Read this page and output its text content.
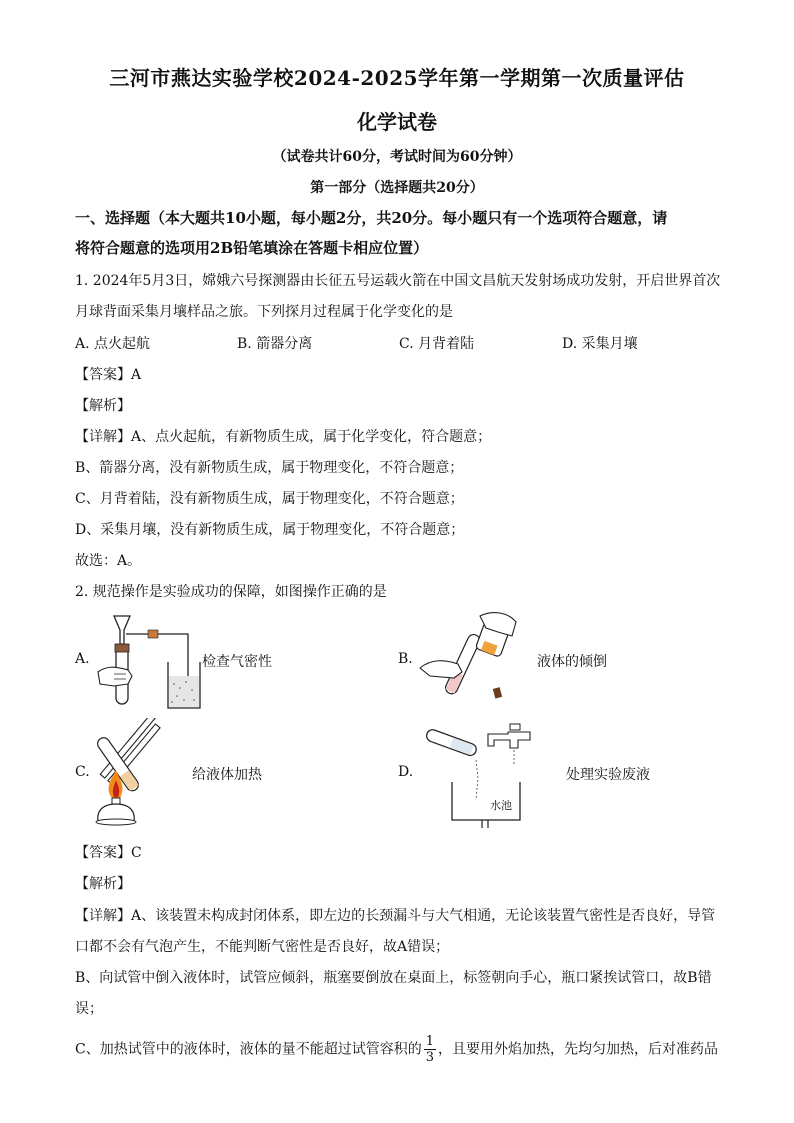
三河市燕达实验学校2024-2025学年第一学期第一次质量评估
化学试卷
（试卷共计60分，考试时间为60分钟）
第一部分（选择题共20分）
一、选择题（本大题共10小题，每小题2分，共20分。每小题只有一个选项符合题意，请
将符合题意的选项用2B铅笔填涂在答题卡相应位置）
1. 2024年5月3日，嫦娥六号探测器由长征五号运载火箭在中国文昌航天发射场成功发射，开启世界首次
月球背面采集月壤样品之旅。下列探月过程属于化学变化的是
A. 点火起航	B. 箭器分离	C. 月背着陆	D. 采集月壤
【答案】A
【解析】
【详解】A、点火起航，有新物质生成，属于化学变化，符合题意；
B、箭器分离，没有新物质生成，属于物理变化，不符合题意；
C、月背着陆，没有新物质生成，属于物理变化，不符合题意；
D、采集月壤，没有新物质生成，属于物理变化，不符合题意；
故选：A。
2. 规范操作是实验成功的保障，如图操作正确的是
A.	检查气密性	B.	液体的倾倒
C.	给液体加热	D.
水池
处理实验废液
【答案】C
【解析】
【详解】A、该装置未构成封闭体系，即左边的长颈漏斗与大气相通，无论该装置气密性是否良好，导管
口都不会有气泡产生，不能判断气密性是否良好，故A错误；
B、向试管中倒入液体时，试管应倾斜，瓶塞要倒放在桌面上，标签朝向手心，瓶口紧挨试管口，故B错
误；
C、加热试管中的液体时，液体的量不能超过试管容积的 $\frac{1}{3}$ ，且要用外焰加热，先均匀加热，后对准药品
